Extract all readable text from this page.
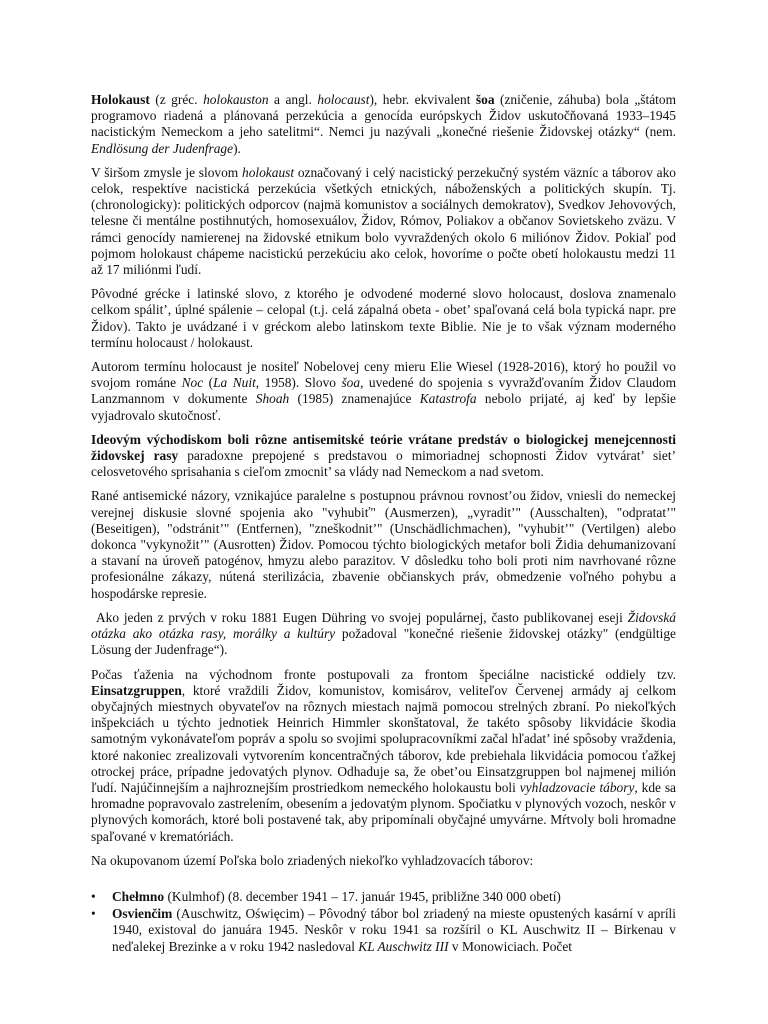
Holokaust (z gréc. holokauston a angl. holocaust), hebr. ekvivalent šoa (zničenie, záhuba) bola „štátom programovo riadená a plánovaná perzekúcia a genocída európskych Židov uskutočňovaná 1933–1945 nacistickým Nemeckom a jeho satelitmi“. Nemci ju nazývali „konečné riešenie Židovskej otázky“ (nem. Endlösung der Judenfrage).

V širšom zmysle je slovom holokaust označovaný i celý nacistický perzekučný systém väzníc a táborov ako celok, respektíve nacistická perzekúcia všetkých etnických, náboženských a politických skupín. Tj. (chronologicky): politických odporcov (najmä komunistov a sociálnych demokratov), Svedkov Jehovových, telesne či mentálne postihnutých, homosexuálov, Židov, Rómov, Poliakov a občanov Sovietskeho zväzu. V rámci genocídy namierenej na židovské etnikum bolo vyvraždených okolo 6 miliónov Židov. Pokiaľ pod pojmom holokaust chápeme nacistickú perzekúciu ako celok, hovoríme o počte obetí holokaustu medzi 11 až 17 miliónmi ľudí.

Pôvodné grécke i latinské slovo, z ktorého je odvodené moderné slovo holocaust, doslova znamenalo celkom spálit’, úplné spálenie – celopal (t.j. celá zápalná obeta - obet’ spaľovaná celá bola typická napr. pre Židov). Takto je uvádzané i v gréckom alebo latinskom texte Biblie. Nie je to však význam moderného termínu holocaust / holokaust.

Autorom termínu holocaust je nositeľ Nobelovej ceny mieru Elie Wiesel (1928-2016), ktorý ho použil vo svojom románe Noc (La Nuit, 1958). Slovo šoa, uvedené do spojenia s vyvražďovaním Židov Claudom Lanzmannom v dokumente Shoah (1985) znamenajúce Katastrofa nebolo prijaté, aj keď by lepšie vyjadrovalo skutočnosť.

Ideovým východiskom boli rôzne antisemitské teórie vrátane predstáv o biologickej menejcennosti židovskej rasy paradoxne prepojené s predstavou o mimoriadnej schopnosti Židov vytvárat’ siet’ celosvetového sprisahania s cieľom zmocnit’ sa vlády nad Nemeckom a nad svetom.

Rané antisemické názory, vznikajúce paralelne s postupnou právnou rovnost’ou židov, vniesli do nemeckej verejnej diskusie slovné spojenia ako "vyhubiť" (Ausmerzen), „vyradit’" (Ausschalten), "odpratat’" (Beseitigen), "odstránit’" (Entfernen), "zneškodnit’" (Unschädlichmachen), "vyhubit’" (Vertilgen) alebo dokonca "vykynožit’" (Ausrotten) Židov. Pomocou týchto biologických metafor boli Židia dehumanizovaní a stavaní na úroveň patogénov, hmyzu alebo parazitov. V dôsledku toho boli proti nim navrhované rôzne profesionálne zákazy, nútená sterilizácia, zbavenie občianskych práv, obmedzenie voľného pohybu a hospodárske represie.

Ako jeden z prvých v roku 1881 Eugen Dühring vo svojej populárnej, často publikovanej eseji Židovská otázka ako otázka rasy, morálky a kultúry požadoval "konečné riešenie židovskej otázky" (endgültige Lösung der Judenfrage“).

Počas ťaženia na východnom fronte postupovali za frontom špeciálne nacistické oddiely tzv. Einsatzgruppen, ktoré vraždili Židov, komunistov, komisárov, veliteľov Červenej armády aj celkom obyčajných miestnych obyvateľov na rôznych miestach najmä pomocou strelných zbraní. Po niekoľkých inšpekciách u týchto jednotiek Heinrich Himmler skonštatoval, že takéto spôsoby likvidácie škodia samotným vykonávateľom popráv a spolu so svojimi spolupracovníkmi začal hľadat’ iné spôsoby vraždenia, ktoré nakoniec zrealizovali vytvorením koncentračných táborov, kde prebiehala likvidácia pomocou ťažkej otrockej práce, prípadne jedovatých plynov. Odhaduje sa, že obet’ou Einsatzgruppen bol najmenej milión ľudí. Najúčinnejším a najhroznejším prostriedkom nemeckého holokaustu boli vyhladzovacie tábory, kde sa hromadne popravovalo zastrelením, obesením a jedovatým plynom. Spočiatku v plynových vozoch, neskôr v plynových komorách, ktoré boli postavené tak, aby pripomínali obyčajné umyvárne. Mŕtvoly boli hromadne spaľované v krematóriách.

Na okupovanom území Poľska bolo zriadených niekoľko vyhladzovacích táborov:

• Chełmno (Kulmhof) (8. december 1941 – 17. január 1945, približne 340 000 obetí)
• Osvienčim (Auschwitz, Oświęcim) – Pôvodný tábor bol zriadený na mieste opustených kasární v apríli 1940, existoval do januára 1945. Neskôr v roku 1941 sa rozšíril o KL Auschwitz II – Birkenau v neďalekej Brezinke a v roku 1942 nasledoval KL Auschwitz III v Monowiciach. Počet
